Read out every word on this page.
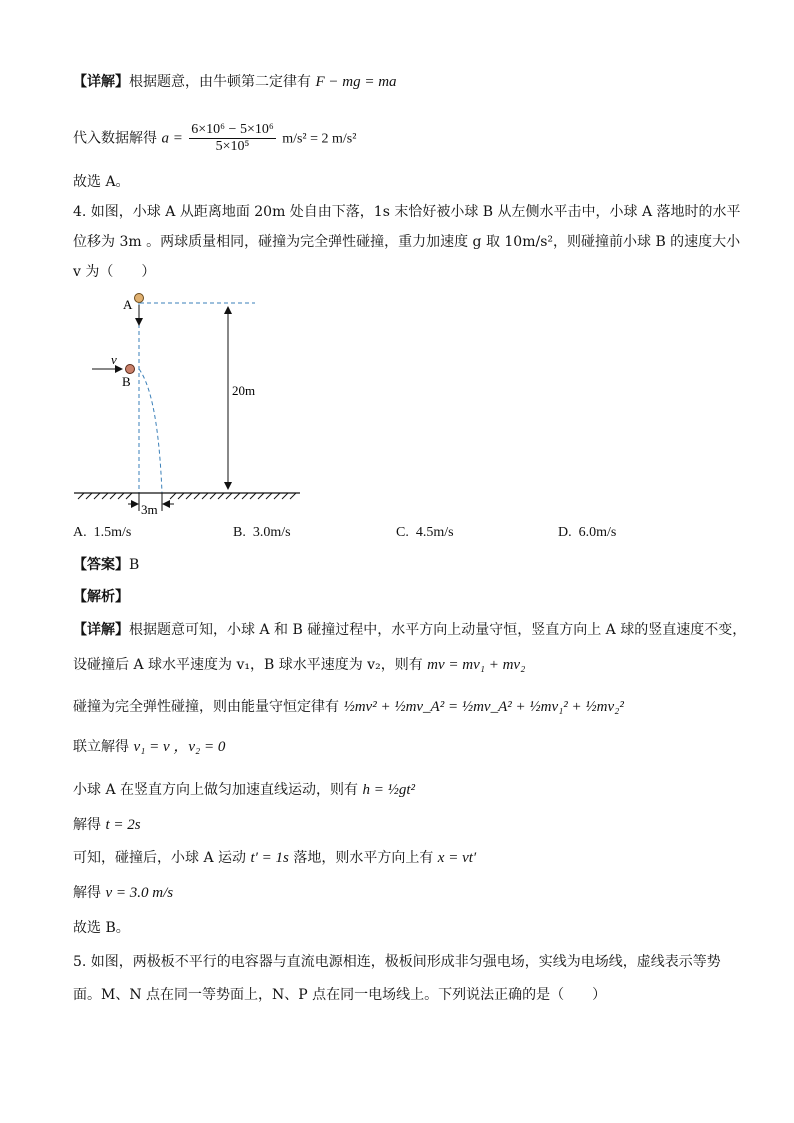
【详解】根据题意，由牛顿第二定律有 F − mg = ma
代入数据解得 $a = \frac{\text{6×10⁶ − 5×10⁶}}{\text{5×10⁵}} m/s^2 = 2$ m/s²
故选 A。
4. 如图，小球 A 从距离地面 20m 处自由下落，1s 末恰好被小球 B 从左侧水平击中，小球 A 落地时的水平
位移为 3m 。两球质量相同，碰撞为完全弹性碰撞，重力加速度 g 取 10m/s²，则碰撞前小球 B 的速度大小
v 为（　　）
A
B
v
20m
3m
A. 1.5m/s	B. 3.0m/s	C. 4.5m/s	D. 6.0m/s
【答案】B
【解析】
【详解】根据题意可知，小球 A 和 B 碰撞过程中，水平方向上动量守恒，竖直方向上 A 球的竖直速度不变，
设碰撞后 A 球水平速度为 v₁，B 球水平速度为 v₂，则有 mv = mv₁ + mv₂
碰撞为完全弹性碰撞，则由能量守恒定律有 ½mv² + ½mv_A² = ½mv_A² + ½mv₁² + ½mv₂²
联立解得 v₁ = v ，v₂ = 0
小球 A 在竖直方向上做匀加速直线运动，则有 h = ½gt²
解得 t = 2s
可知，碰撞后，小球 A 运动 t′ = 1s 落地，则水平方向上有 x = vt′
解得 v = 3.0 m/s
故选 B。
5. 如图，两极板不平行的电容器与直流电源相连，极板间形成非匀强电场，实线为电场线，虚线表示等势
面。M、N 点在同一等势面上，N、P 点在同一电场线上。下列说法正确的是（　　）
